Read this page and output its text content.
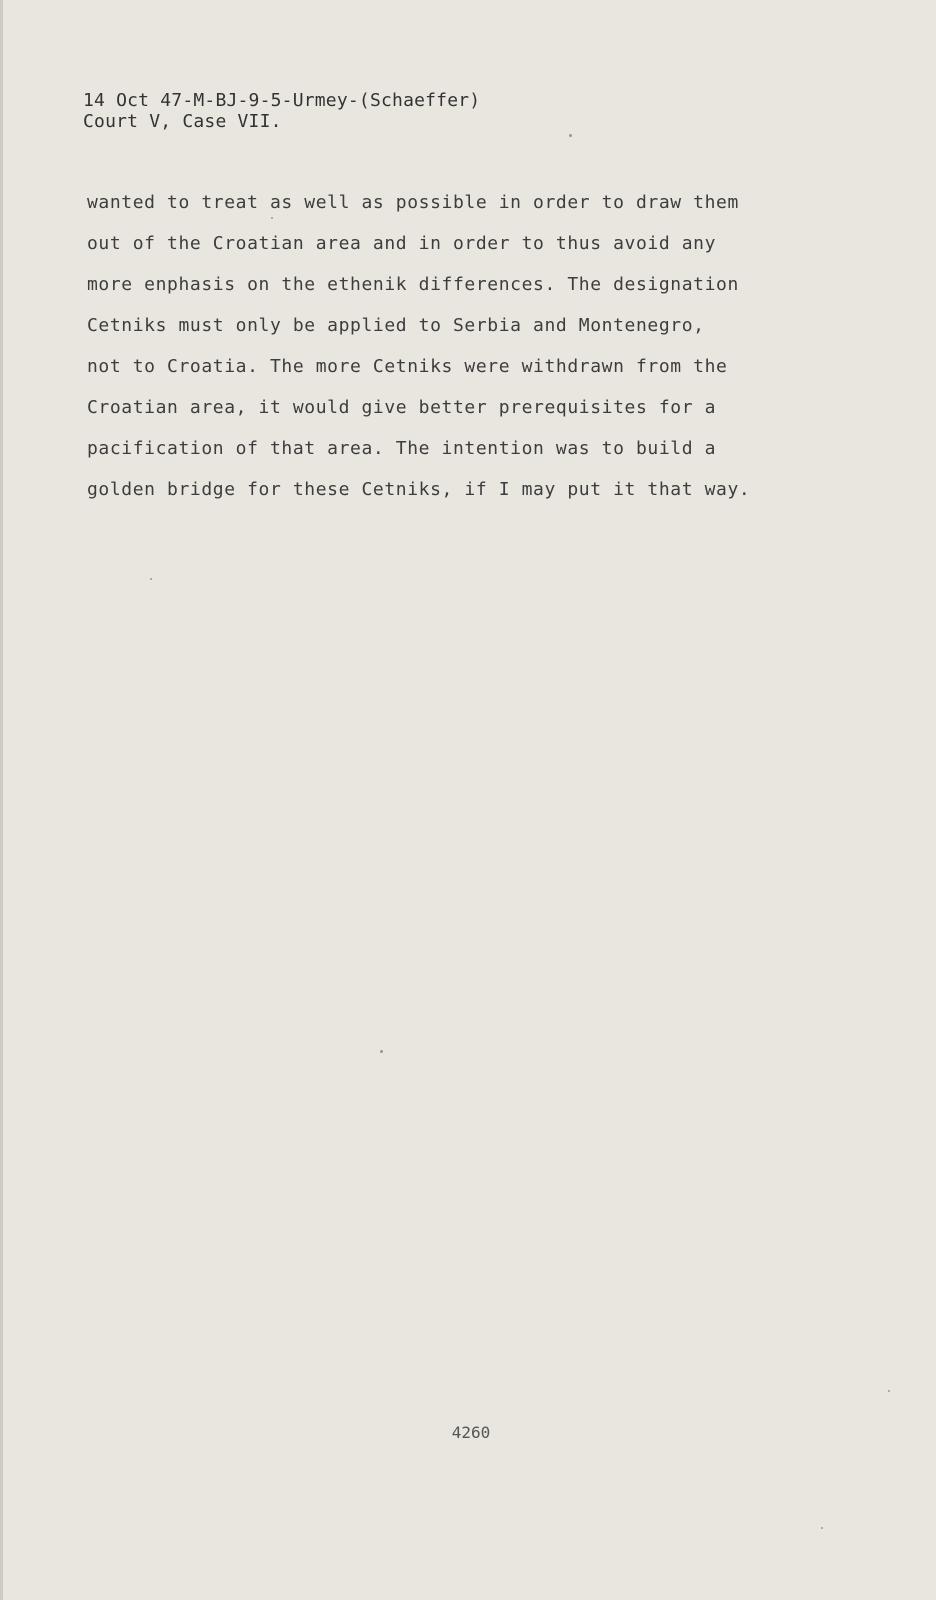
14 Oct 47-M-BJ-9-5-Urmey-(Schaeffer)
Court V, Case VII.
wanted to treat as well as possible in order to draw them
out of the Croatian area and in order to thus avoid any
more enphasis on the ethenik differences. The designation
Cetniks must only be applied to Serbia and Montenegro,
not to Croatia. The more Cetniks were withdrawn from the
Croatian area, it would give better prerequisites for a
pacification of that area. The intention was to build a
golden bridge for these Cetniks, if I may put it that way.
4260
